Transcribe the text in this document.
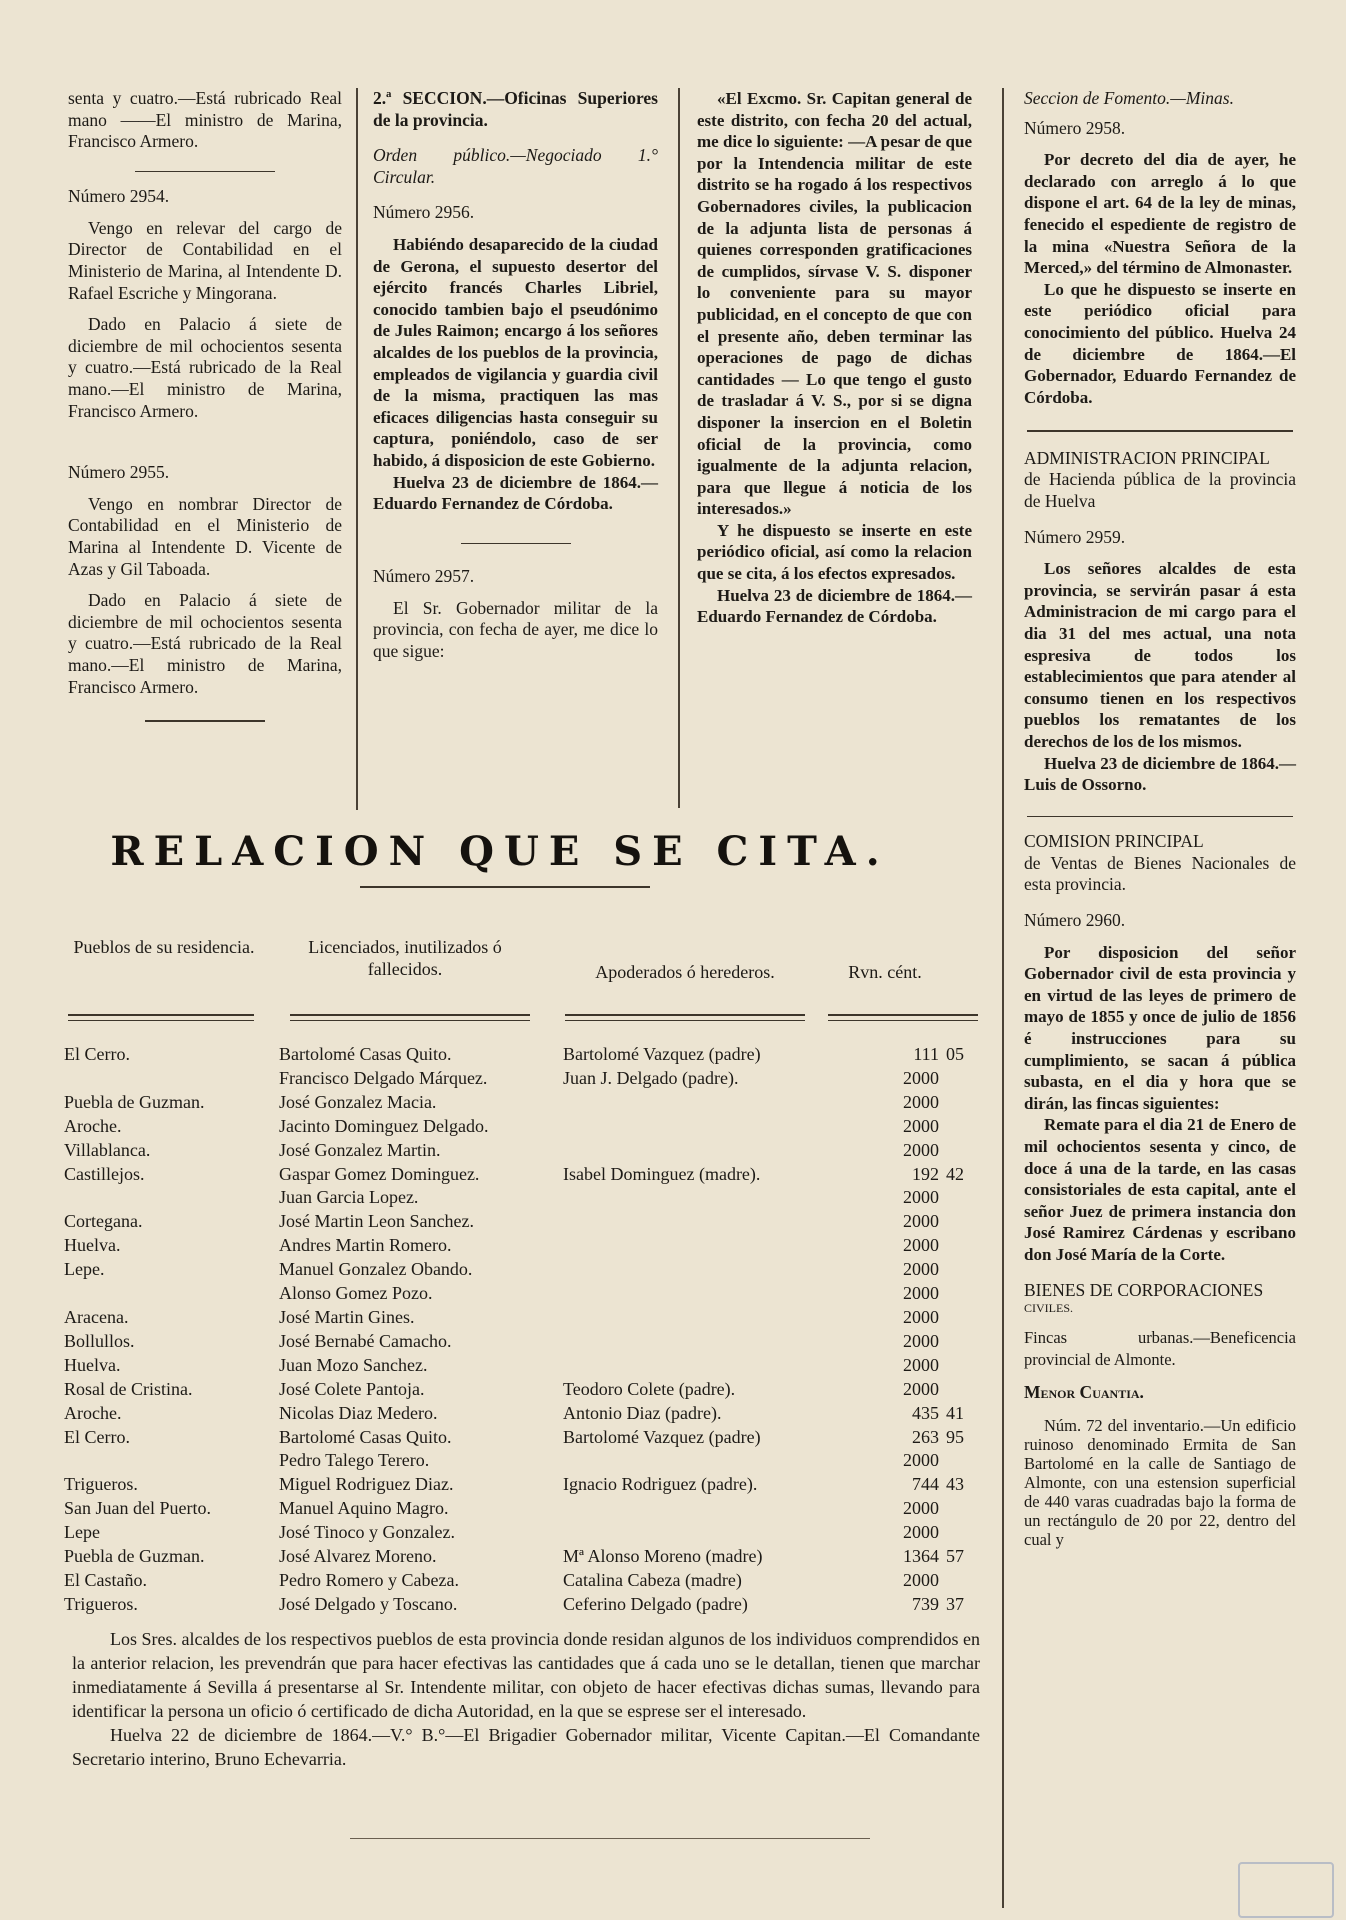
senta y cuatro.—Está rubricado Real mano ——El ministro de Marina, Francisco Armero.

Número 2954.

Vengo en relevar del cargo de Director de Contabilidad en el Ministerio de Marina, al Intendente D. Rafael Escriche y Mingorana.

Dado en Palacio á siete de diciembre de mil ochocientos sesenta y cuatro.—Está rubricado de la Real mano.—El ministro de Marina, Francisco Armero.

Número 2955.

Vengo en nombrar Director de Contabilidad en el Ministerio de Marina al Intendente D. Vicente de Azas y Gil Taboada.

Dado en Palacio á siete de diciembre de mil ochocientos sesenta y cuatro.—Está rubricado de la Real mano.—El ministro de Marina, Francisco Armero.

2.ª SECCION.—Oficinas Superiores de la provincia.

Orden público.—Negociado 1.° Circular.

Número 2956.

Habiéndo desaparecido de la ciudad de Gerona, el supuesto desertor del ejército francés Charles Libriel, conocido tambien bajo el pseudónimo de Jules Raimon; encargo á los señores alcaldes de los pueblos de la provincia, empleados de vigilancia y guardia civil de la misma, practiquen las mas eficaces diligencias hasta conseguir su captura, poniéndolo, caso de ser habido, á disposicion de este Gobierno.

Huelva 23 de diciembre de 1864.—Eduardo Fernandez de Córdoba.

Número 2957.

El Sr. Gobernador militar de la provincia, con fecha de ayer, me dice lo que sigue:

«El Excmo. Sr. Capitan general de este distrito, con fecha 20 del actual, me dice lo siguiente: —A pesar de que por la Intendencia militar de este distrito se ha rogado á los respectivos Gobernadores civiles, la publicacion de la adjunta lista de personas á quienes corresponden gratificaciones de cumplidos, sírvase V. S. disponer lo conveniente para su mayor publicidad, en el concepto de que con el presente año, deben terminar las operaciones de pago de dichas cantidades — Lo que tengo el gusto de trasladar á V. S., por si se digna disponer la insercion en el Boletin oficial de la provincia, como igualmente de la adjunta relacion, para que llegue á noticia de los interesados.»

Y he dispuesto se inserte en este periódico oficial, así como la relacion que se cita, á los efectos expresados.

Huelva 23 de diciembre de 1864.—Eduardo Fernandez de Córdoba.

Seccion de Fomento.—Minas.

Número 2958.

Por decreto del dia de ayer, he declarado con arreglo á lo que dispone el art. 64 de la ley de minas, fenecido el espediente de registro de la mina «Nuestra Señora de la Merced,» del término de Almonaster.

Lo que he dispuesto se inserte en este periódico oficial para conocimiento del público. Huelva 24 de diciembre de 1864.—El Gobernador, Eduardo Fernandez de Córdoba.

ADMINISTRACION PRINCIPAL

de Hacienda pública de la provincia de Huelva

Número 2959.

Los señores alcaldes de esta provincia, se servirán pasar á esta Administracion de mi cargo para el dia 31 del mes actual, una nota espresiva de todos los establecimientos que para atender al consumo tienen en los respectivos pueblos los rematantes de los derechos de los de los mismos.

Huelva 23 de diciembre de 1864.—Luis de Ossorno.

COMISION PRINCIPAL

de Ventas de Bienes Nacionales de esta provincia.

Número 2960.

Por disposicion del señor Gobernador civil de esta provincia y en virtud de las leyes de primero de mayo de 1855 y once de julio de 1856 é instrucciones para su cumplimiento, se sacan á pública subasta, en el dia y hora que se dirán, las fincas siguientes:

Remate para el dia 21 de Enero de mil ochocientos sesenta y cinco, de doce á una de la tarde, en las casas consistoriales de esta capital, ante el señor Juez de primera instancia don José Ramirez Cárdenas y escribano don José María de la Corte.

BIENES DE CORPORACIONES

CIVILES.

Fincas urbanas.—Beneficencia provincial de Almonte.

Menor Cuantia.

Núm. 72 del inventario.—Un edificio ruinoso denominado Ermita de San Bartolomé en la calle de Santiago de Almonte, con una estension superficial de 440 varas cuadradas bajo la forma de un rectángulo de 20 por 22, dentro del cual y

RELACION QUE SE CITA.
Pueblos de su residencia.	Licenciados, inutilizados ó fallecidos.	Apoderados ó herederos.	Rvn. cént.
El Cerro.	Bartolomé Casas Quito.	Bartolomé Vazquez (padre)	111	05
	Francisco Delgado Márquez.	Juan J. Delgado (padre).	2000	
Puebla de Guzman.	José Gonzalez Macia.		2000	
Aroche.	Jacinto Dominguez Delgado.		2000	
Villablanca.	José Gonzalez Martin.		2000	
Castillejos.	Gaspar Gomez Dominguez.	Isabel Dominguez (madre).	192	42
	Juan Garcia Lopez.		2000	
Cortegana.	José Martin Leon Sanchez.		2000	
Huelva.	Andres Martin Romero.		2000	
Lepe.	Manuel Gonzalez Obando.		2000	
	Alonso Gomez Pozo.		2000	
Aracena.	José Martin Gines.		2000	
Bollullos.	José Bernabé Camacho.		2000	
Huelva.	Juan Mozo Sanchez.		2000	
Rosal de Cristina.	José Colete Pantoja.	Teodoro Colete (padre).	2000	
Aroche.	Nicolas Diaz Medero.	Antonio Diaz (padre).	435	41
El Cerro.	Bartolomé Casas Quito.	Bartolomé Vazquez (padre)	263	95
	Pedro Talego Terero.		2000	
Trigueros.	Miguel Rodriguez Diaz.	Ignacio Rodriguez (padre).	744	43
San Juan del Puerto.	Manuel Aquino Magro.		2000	
Lepe	José Tinoco y Gonzalez.		2000	
Puebla de Guzman.	José Alvarez Moreno.	Mª Alonso Moreno (madre)	1364	57
El Castaño.	Pedro Romero y Cabeza.	Catalina Cabeza (madre)	2000	
Trigueros.	José Delgado y Toscano.	Ceferino Delgado (padre)	739	37

Los Sres. alcaldes de los respectivos pueblos de esta provincia donde residan algunos de los individuos comprendidos en la anterior relacion, les prevendrán que para hacer efectivas las cantidades que á cada uno se le detallan, tienen que marchar inmediatamente á Sevilla á presentarse al Sr. Intendente militar, con objeto de hacer efectivas dichas sumas, llevando para identificar la persona un oficio ó certificado de dicha Autoridad, en la que se esprese ser el interesado.

Huelva 22 de diciembre de 1864.—V.° B.°—El Brigadier Gobernador militar, Vicente Capitan.—El Comandante Secretario interino, Bruno Echevarria.
